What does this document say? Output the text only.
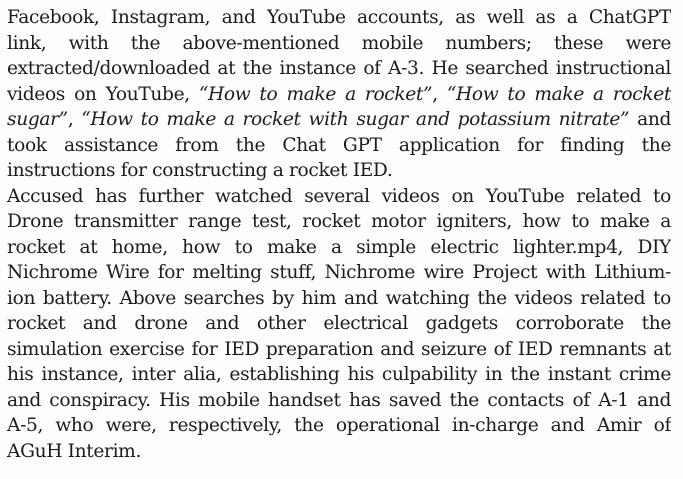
Facebook, Instagram, and YouTube accounts, as well as a ChatGPT
link, with the above-mentioned mobile numbers; these were
extracted/downloaded at the instance of A-3. He searched instructional
videos on YouTube, “How to make a rocket”, “How to make a rocket
sugar”, “How to make a rocket with sugar and potassium nitrate” and
took assistance from the Chat GPT application for finding the
instructions for constructing a rocket IED.
Accused has further watched several videos on YouTube related to
Drone transmitter range test, rocket motor igniters, how to make a
rocket at home, how to make a simple electric lighter.mp4, DIY
Nichrome Wire for melting stuff, Nichrome wire Project with Lithium-
ion battery. Above searches by him and watching the videos related to
rocket and drone and other electrical gadgets corroborate the
simulation exercise for IED preparation and seizure of IED remnants at
his instance, inter alia, establishing his culpability in the instant crime
and conspiracy. His mobile handset has saved the contacts of A-1 and
A-5, who were, respectively, the operational in-charge and Amir of
AGuH Interim.
